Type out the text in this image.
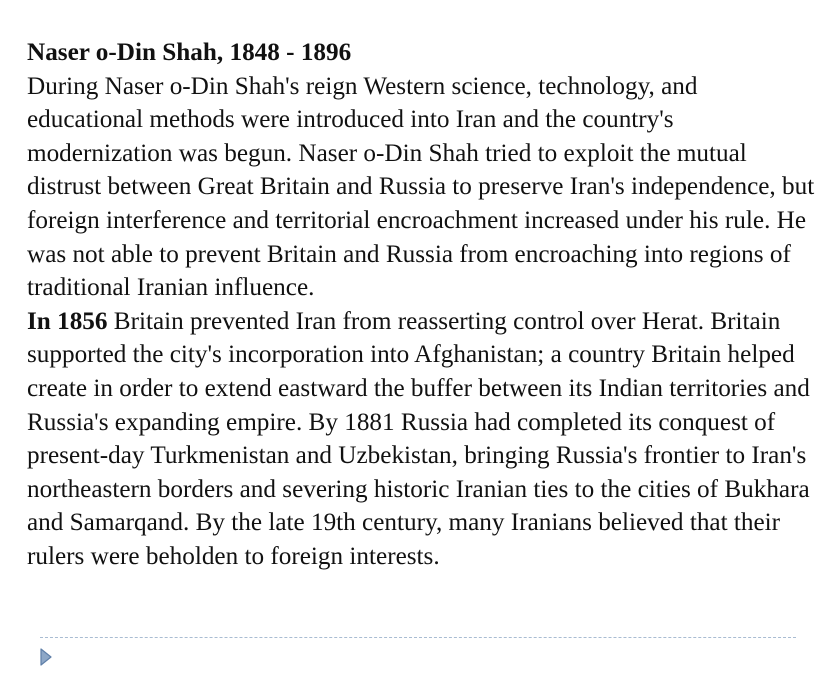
Naser o-Din Shah, 1848 - 1896

During Naser o-Din Shah's reign Western science, technology, and educational methods were introduced into Iran and the country's modernization was begun. Naser o-Din Shah tried to exploit the mutual distrust between Great Britain and Russia to preserve Iran's independence, but foreign interference and territorial encroachment increased under his rule. He was not able to prevent Britain and Russia from encroaching into regions of traditional Iranian influence.

In 1856 Britain prevented Iran from reasserting control over Herat. Britain supported the city's incorporation into Afghanistan; a country Britain helped create in order to extend eastward the buffer between its Indian territories and Russia's expanding empire. By 1881 Russia had completed its conquest of present-day Turkmenistan and Uzbekistan, bringing Russia's frontier to Iran's northeastern borders and severing historic Iranian ties to the cities of Bukhara and Samarqand. By the late 19th century, many Iranians believed that their rulers were beholden to foreign interests.
